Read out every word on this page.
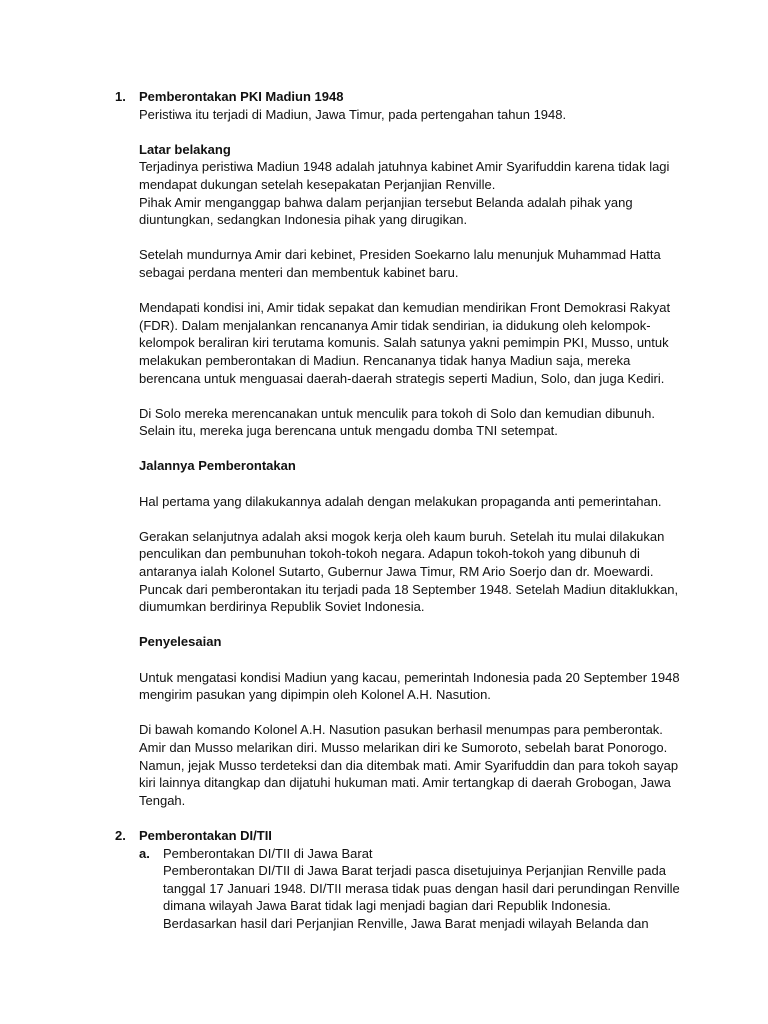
1. Pemberontakan PKI Madiun 1948

Peristiwa itu terjadi di Madiun, Jawa Timur, pada pertengahan tahun 1948.

Latar belakang

Terjadinya peristiwa Madiun 1948 adalah jatuhnya kabinet Amir Syarifuddin karena tidak lagi mendapat dukungan setelah kesepakatan Perjanjian Renville.

Pihak Amir menganggap bahwa dalam perjanjian tersebut Belanda adalah pihak yang diuntungkan, sedangkan Indonesia pihak yang dirugikan.

Setelah mundurnya Amir dari kebinet, Presiden Soekarno lalu menunjuk Muhammad Hatta sebagai perdana menteri dan membentuk kabinet baru.

Mendapati kondisi ini, Amir tidak sepakat dan kemudian mendirikan Front Demokrasi Rakyat (FDR). Dalam menjalankan rencananya Amir tidak sendirian, ia didukung oleh kelompok-kelompok beraliran kiri terutama komunis. Salah satunya yakni pemimpin PKI, Musso, untuk melakukan pemberontakan di Madiun. Rencananya tidak hanya Madiun saja, mereka berencana untuk menguasai daerah-daerah strategis seperti Madiun, Solo, dan juga Kediri.

Di Solo mereka merencanakan untuk menculik para tokoh di Solo dan kemudian dibunuh. Selain itu, mereka juga berencana untuk mengadu domba TNI setempat.

Jalannya Pemberontakan

Hal pertama yang dilakukannya adalah dengan melakukan propaganda anti pemerintahan.

Gerakan selanjutnya adalah aksi mogok kerja oleh kaum buruh. Setelah itu mulai dilakukan penculikan dan pembunuhan tokoh-tokoh negara. Adapun tokoh-tokoh yang dibunuh di antaranya ialah Kolonel Sutarto, Gubernur Jawa Timur, RM Ario Soerjo dan dr. Moewardi. Puncak dari pemberontakan itu terjadi pada 18 September 1948. Setelah Madiun ditaklukkan, diumumkan berdirinya Republik Soviet Indonesia.

Penyelesaian

Untuk mengatasi kondisi Madiun yang kacau, pemerintah Indonesia pada 20 September 1948 mengirim pasukan yang dipimpin oleh Kolonel A.H. Nasution.

Di bawah komando Kolonel A.H. Nasution pasukan berhasil menumpas para pemberontak. Amir dan Musso melarikan diri. Musso melarikan diri ke Sumoroto, sebelah barat Ponorogo. Namun, jejak Musso terdeteksi dan dia ditembak mati. Amir Syarifuddin dan para tokoh sayap kiri lainnya ditangkap dan dijatuhi hukuman mati. Amir tertangkap di daerah Grobogan, Jawa Tengah.

2. Pemberontakan DI/TII

a. Pemberontakan DI/TII di Jawa Barat

Pemberontakan DI/TII di Jawa Barat terjadi pasca disetujuinya Perjanjian Renville pada tanggal 17 Januari 1948. DI/TII merasa tidak puas dengan hasil dari perundingan Renville dimana wilayah Jawa Barat tidak lagi menjadi bagian dari Republik Indonesia. Berdasarkan hasil dari Perjanjian Renville, Jawa Barat menjadi wilayah Belanda dan
